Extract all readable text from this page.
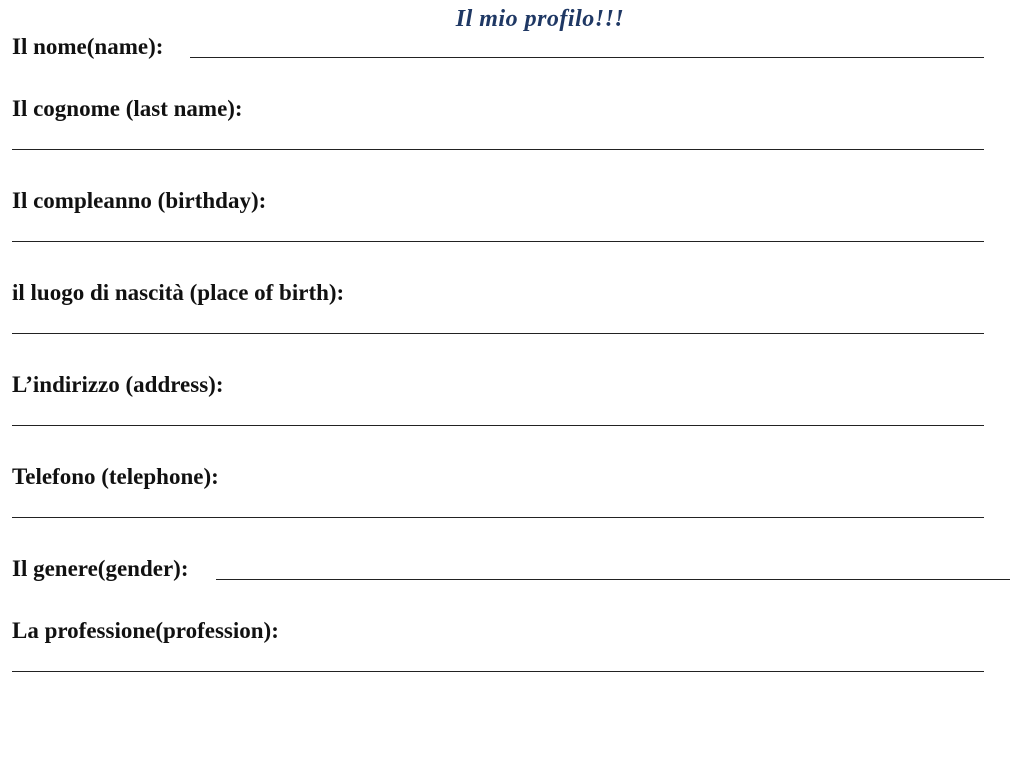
Il mio profilo!!!
Il nome(name):
Il cognome (last name):
Il compleanno (birthday):
il luogo di nascità (place of birth):
L’indirizzo (address):
Telefono (telephone):
Il genere(gender):
La professione(profession):
